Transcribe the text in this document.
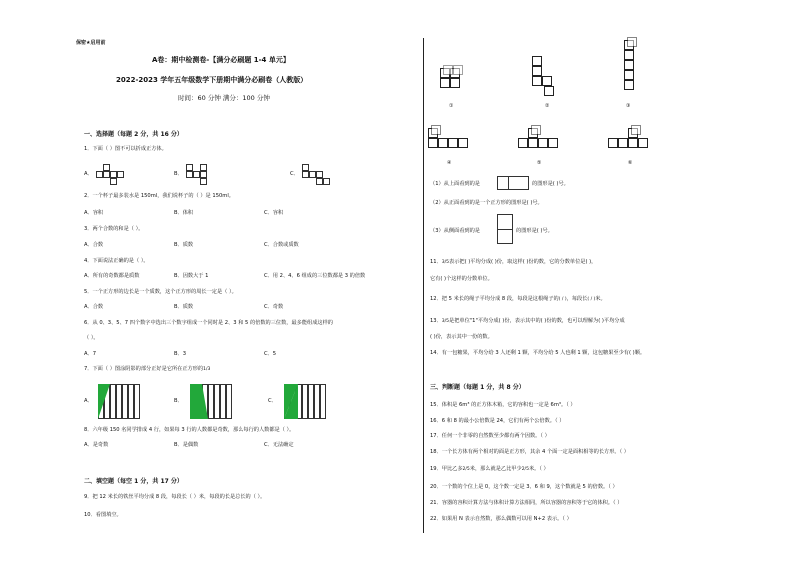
保密★启用前
A卷：期中检测卷-【满分必刷题 1-4 单元】
2022-2023 学年五年级数学下册期中满分必刷卷（人教版）
时间：60 分钟 满分：100 分钟
一、选择题（每题 2 分，共 16 分）
1．下面（ ）图不可以折成正方体。
A．	B．	C．
2．一个杯子最多装水是 150ml，我们说杯子的（ ）是 150ml。
A．容积	B．体积	C．容积
3．两个合数的和是（ ）。
A．合数	B．质数	C．合数或质数
4．下面说法正确的是（ ）。
A．所有的奇数都是质数	B．因数大于 1	C．用 2、4、6 组成的三位数都是 3 的倍数
5．一个正方形的边长是一个质数，这个正方形的周长一定是（ ）。
A．合数	B．质数	C．奇数
6．从 0、3、5、7 四个数字中选出三个数字组成一个同时是 2、3 和 5 的倍数的三位数，最多能组成这样的
（ ）。
A．7	B．3	C．5
7．下面（ ）图涂阴影的部分正好是它所在正方形的1/3
A．	B．	C．
8．六年级 150 名同学排成 4 行，如果每 3 行的人数都是奇数，那么每行的人数都是（ ）。
A．是奇数	B．是偶数	C．无法确定
二、填空题（每空 1 分，共 17 分）
9．把 12 米长的铁丝平均分成 8 段，每段长（ ）米，每段的长是总长的（ ）。
10．看图填空。
①	②	③
④	⑤	⑥
（1）从上面看到的是	的图形是( )号。
（2）从正面看到的是一个正方形的图形是( )号。
（3）从侧面看到的是	的图形是( )号。
11．3/5表示把( )平均分成( )份，取这样( )份的数，它的分数单位是( )，
它有( )个这样的分数单位。
12．把 5 米长的绳子平均分成 8 段，每段是这根绳子的( / )，每段长( / )米。
13．3/5是把单位"1"平均分成( )份，表示其中的( )份的数，也可以理解为( )平均分成
( )份，表示其中一份的数。
14．有一包糖果，平均分给 3 人还剩 1 颗，平均分给 5 人也剩 1 颗，这包糖果至少有( )颗。
三、判断题（每题 1 分，共 8 分）
15．体积是 6m³ 的正方体木箱，它的容积也一定是 6m³。（ ）
16．6 和 8 的最小公倍数是 24，它们有两个公倍数。（ ）
17．任何一个非零的自然数至少都有两个因数。（ ）
18．一个长方体有两个相对的面是正方形，其余 4 个面一定是面积相等的长方形。（ ）
19．甲比乙多2/5米，那么就是乙比甲少2/5米。（ ）
20．一个数的个位上是 0，这个数一定是 3、6 和 9，这个数就是 5 的倍数。（ ）
21．容器的容积计算方法与体积计算方法相同，所以容器的容积等于它的体积。（ ）
22．如果用 N 表示自然数，那么偶数可以用 N+2 表示。（ ）
